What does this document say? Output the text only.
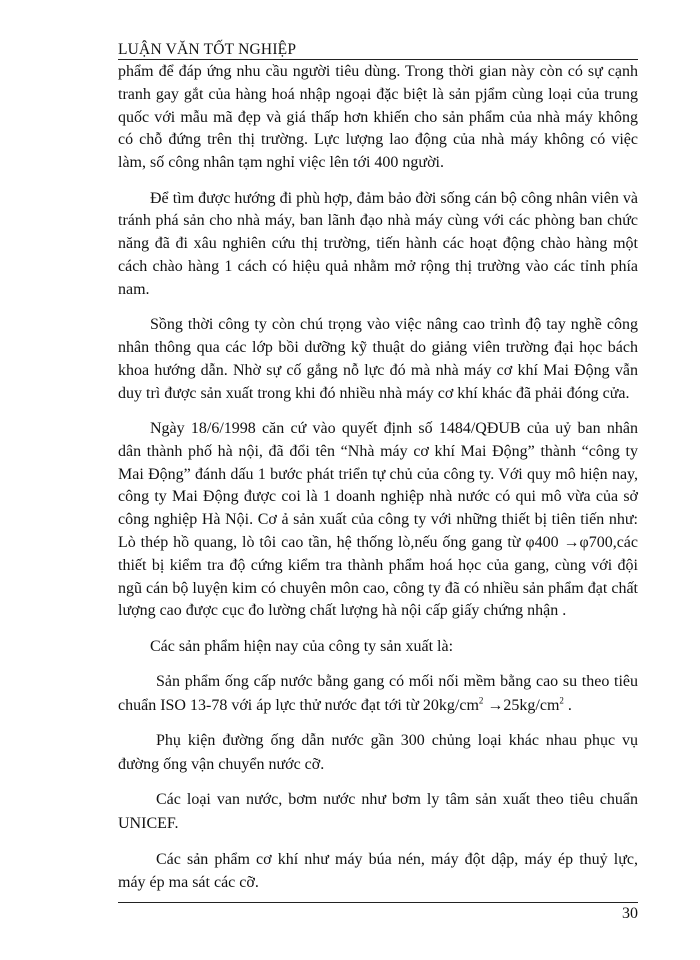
LUẬN VĂN TỐT NGHIỆP

phẩm để đáp ứng nhu cầu người tiêu dùng. Trong thời gian này còn có sự cạnh tranh gay gắt của hàng hoá nhập ngoại đặc biệt là sản pjẩm cùng loại của trung quốc với mẫu mã đẹp và giá thấp hơn khiến cho sản phẩm của nhà máy không có chỗ đứng trên thị trường. Lực lượng lao động của nhà máy không có việc làm, số công nhân tạm nghỉ việc lên tới 400 người.

Để tìm được hướng đi phù hợp, đảm bảo đời sống cán bộ công nhân viên và tránh phá sản cho nhà máy, ban lãnh đạo nhà máy cùng với các phòng ban chức năng đã đi xâu nghiên cứu thị trường, tiến hành các hoạt động chào hàng một cách chào hàng 1 cách có hiệu quả nhằm mở rộng thị trường vào các tỉnh phía nam.

Sồng thời công ty còn chú trọng vào việc nâng cao trình độ tay nghề công nhân thông qua các lớp bồi dưỡng kỹ thuật do giảng viên trường đại học bách khoa hướng dẫn. Nhờ sự cố gắng nỗ lực đó mà nhà máy cơ khí Mai Động vẫn duy trì được sản xuất trong khi đó nhiều nhà máy cơ khí khác đã phải đóng cửa.

Ngày 18/6/1998 căn cứ vào quyết định số 1484/QĐUB của uỷ ban nhân dân thành phố hà nội, đã đổi tên “Nhà máy cơ khí Mai Động” thành “công ty Mai Động” đánh dấu 1 bước phát triển tự chủ của công ty. Với quy mô hiện nay, công ty Mai Động được coi là 1 doanh nghiệp nhà nước có qui mô vừa của sở công nghiệp Hà Nội. Cơ ả sản xuất của công ty với những thiết bị tiên tiến như: Lò thép hồ quang, lò tôi cao tần, hệ thống lò,nếu ống gang từ φ400 →φ700,các thiết bị kiểm tra độ cứng kiểm tra thành phẩm hoá học của gang, cùng với đội ngũ cán bộ luyện kim có chuyên môn cao, công ty đã có nhiều sản phẩm đạt chất lượng cao được cục đo lường chất lượng hà nội cấp giấy chứng nhận .

Các sản phẩm hiện nay của công ty sản xuất là:

Sản phẩm ống cấp nước bằng gang có mối nối mềm bằng cao su theo tiêu chuẩn ISO 13-78 với áp lực thử nước đạt tới từ $20kg/cm^2 \to 25kg/cm^2$ .

Phụ kiện đường ống dẫn nước gần 300 chủng loại khác nhau phục vụ đường ống vận chuyển nước cỡ.

Các loại van nước, bơm nước như bơm ly tâm sản xuất theo tiêu chuẩn UNICEF.

Các sản phẩm cơ khí như máy búa nén, máy đột dập, máy ép thuỷ lực, máy ép ma sát các cỡ.

30
